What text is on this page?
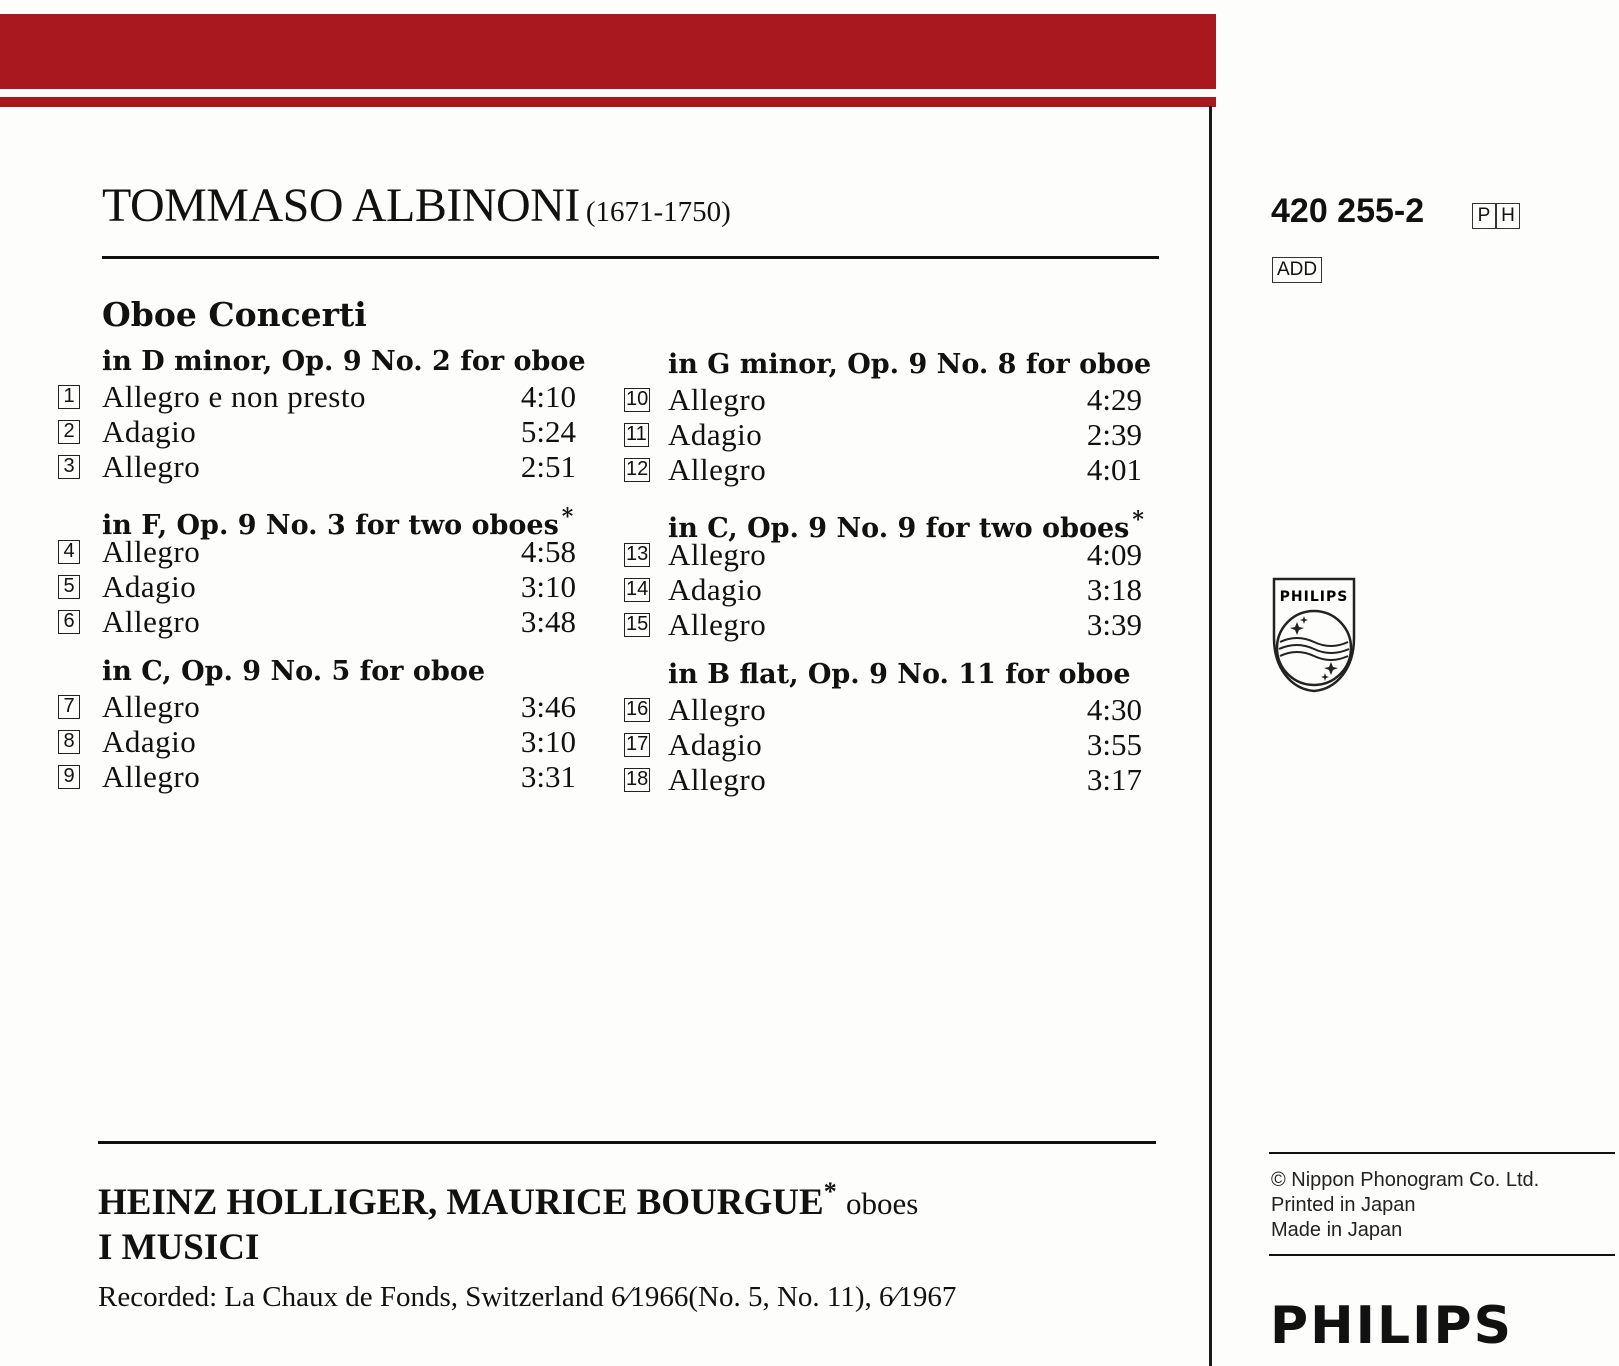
TOMMASO ALBINONI (1671-1750)
Oboe Concerti
in D minor, Op. 9 No. 2 for oboe
1 Allegro e non presto	4:10
2 Adagio	5:24
3 Allegro	2:51
in F, Op. 9 No. 3 for two oboes *
4 Allegro	4:58
5 Adagio	3:10
6 Allegro	3:48
in C, Op. 9 No. 5 for oboe
7 Allegro	3:46
8 Adagio	3:10
9 Allegro	3:31
in G minor, Op. 9 No. 8 for oboe
10 Allegro	4:29
11 Adagio	2:39
12 Allegro	4:01
in C, Op. 9 No. 9 for two oboes *
13 Allegro	4:09
14 Adagio	3:18
15 Allegro	3:39
in B flat, Op. 9 No. 11 for oboe
16 Allegro	4:30
17 Adagio	3:55
18 Allegro	3:17
HEINZ HOLLIGER, MAURICE BOURGUE* oboes
I MUSICI
Recorded: La Chaux de Fonds, Switzerland 6⁄1966(No. 5, No. 11), 6⁄1967
420 255-2	P H
ADD
PHILIPS
© Nippon Phonogram Co. Ltd.
Printed in Japan
Made in Japan
PHILIPS
